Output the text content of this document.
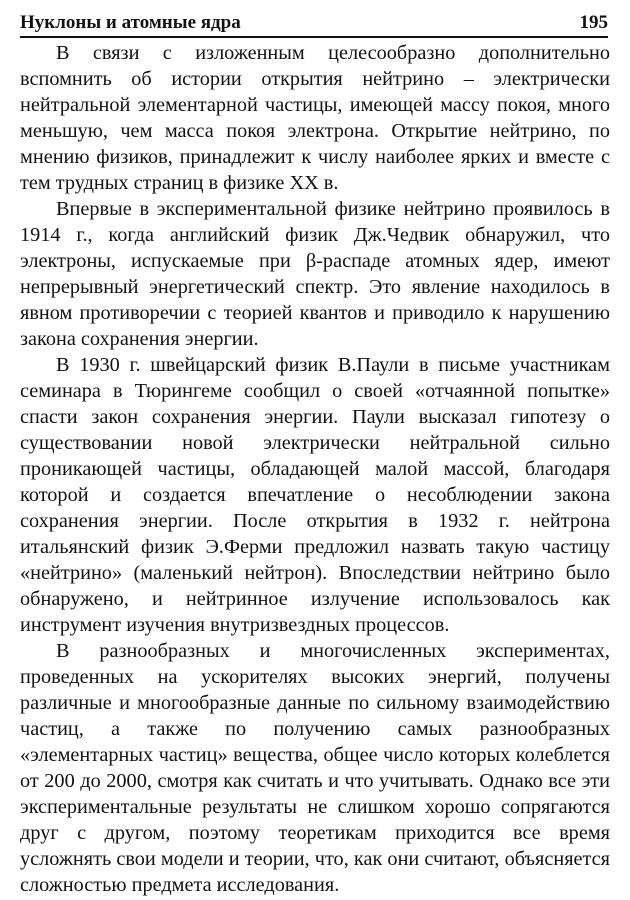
Нуклоны и атомные ядра	195

В связи с изложенным целесообразно дополнительно вспомнить об истории открытия нейтрино – электрически нейтральной элементарной частицы, имеющей массу покоя, много меньшую, чем масса покоя электрона. Открытие нейтрино, по мнению физиков, принадлежит к числу наиболее ярких и вместе с тем трудных страниц в физике XX в.

Впервые в экспериментальной физике нейтрино проявилось в 1914 г., когда английский физик Дж.Чедвик обнаружил, что электроны, испускаемые при β-распаде атомных ядер, имеют непрерывный энергетический спектр. Это явление находилось в явном противоречии с теорией квантов и приводило к нарушению закона сохранения энергии.

В 1930 г. швейцарский физик В.Паули в письме участникам семинара в Тюрингеме сообщил о своей «отчаянной попытке» спасти закон сохранения энергии. Паули высказал гипотезу о существовании новой электрически нейтральной сильно проникающей частицы, обладающей малой массой, благодаря которой и создается впечатление о несоблюдении закона сохранения энергии. После открытия в 1932 г. нейтрона итальянский физик Э.Ферми предложил назвать такую частицу «нейтрино» (маленький нейтрон). Впоследствии нейтрино было обнаружено, и нейтринное излучение использовалось как инструмент изучения внутризвездных процессов.

В разнообразных и многочисленных экспериментах, проведенных на ускорителях высоких энергий, получены различные и многообразные данные по сильному взаимодействию частиц, а также по получению самых разнообразных «элементарных частиц» вещества, общее число которых колеблется от 200 до 2000, смотря как считать и что учитывать. Однако все эти экспериментальные результаты не слишком хорошо сопрягаются друг с другом, поэтому теоретикам приходится все время усложнять свои модели и теории, что, как они считают, объясняется сложностью предмета исследования.
